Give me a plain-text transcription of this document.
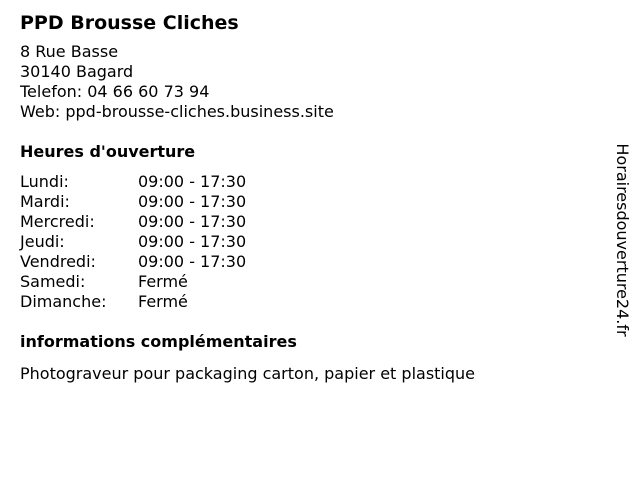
PPD Brousse Cliches

8 Rue Basse

30140 Bagard

Telefon: 04 66 60 73 94

Web: ppd-brousse-cliches.business.site

Heures d'ouverture
Lundi:	09:00 - 17:30
Mardi:	09:00 - 17:30
Mercredi:	09:00 - 17:30
Jeudi:	09:00 - 17:30
Vendredi:	09:00 - 17:30
Samedi:	Fermé
Dimanche:	Fermé
informations complémentaires

Photograveur pour packaging carton, papier et plastique

Horairesdouverture24.fr
